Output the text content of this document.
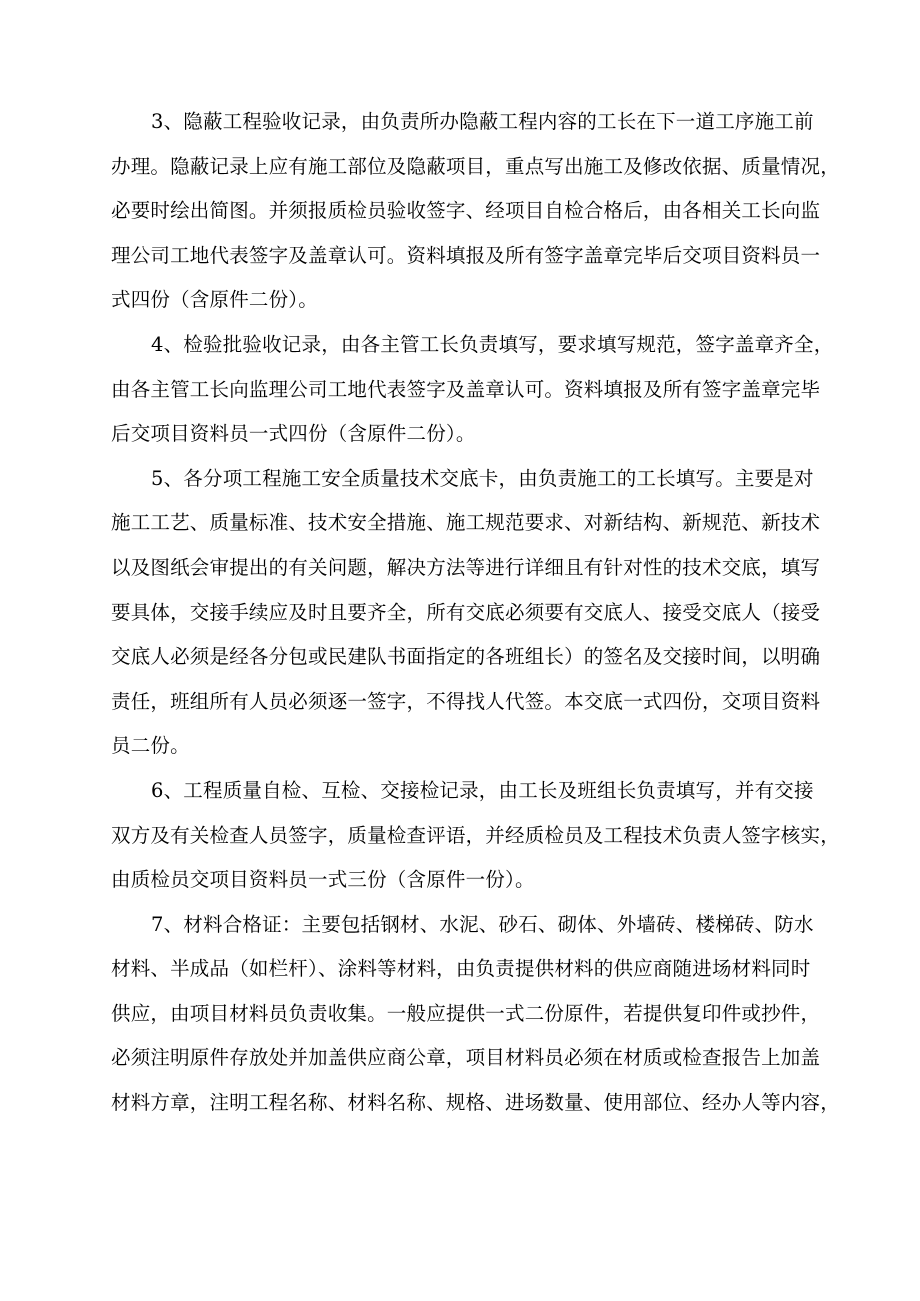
3、隐蔽工程验收记录，由负责所办隐蔽工程内容的工长在下一道工序施工前
办理。隐蔽记录上应有施工部位及隐蔽项目，重点写出施工及修改依据、质量情况，
必要时绘出简图。并须报质检员验收签字、经项目自检合格后，由各相关工长向监
理公司工地代表签字及盖章认可。资料填报及所有签字盖章完毕后交项目资料员一
式四份（含原件二份）。
4、检验批验收记录，由各主管工长负责填写，要求填写规范，签字盖章齐全，
由各主管工长向监理公司工地代表签字及盖章认可。资料填报及所有签字盖章完毕
后交项目资料员一式四份（含原件二份）。
5、各分项工程施工安全质量技术交底卡，由负责施工的工长填写。主要是对
施工工艺、质量标准、技术安全措施、施工规范要求、对新结构、新规范、新技术
以及图纸会审提出的有关问题，解决方法等进行详细且有针对性的技术交底，填写
要具体，交接手续应及时且要齐全，所有交底必须要有交底人、接受交底人（接受
交底人必须是经各分包或民建队书面指定的各班组长）的签名及交接时间，以明确
责任，班组所有人员必须逐一签字，不得找人代签。本交底一式四份，交项目资料
员二份。
6、工程质量自检、互检、交接检记录，由工长及班组长负责填写，并有交接
双方及有关检查人员签字，质量检查评语，并经质检员及工程技术负责人签字核实，
由质检员交项目资料员一式三份（含原件一份）。
7、材料合格证：主要包括钢材、水泥、砂石、砌体、外墙砖、楼梯砖、防水
材料、半成品（如栏杆）、涂料等材料，由负责提供材料的供应商随进场材料同时
供应，由项目材料员负责收集。一般应提供一式二份原件，若提供复印件或抄件，
必须注明原件存放处并加盖供应商公章，项目材料员必须在材质或检查报告上加盖
材料方章，注明工程名称、材料名称、规格、进场数量、使用部位、经办人等内容，
